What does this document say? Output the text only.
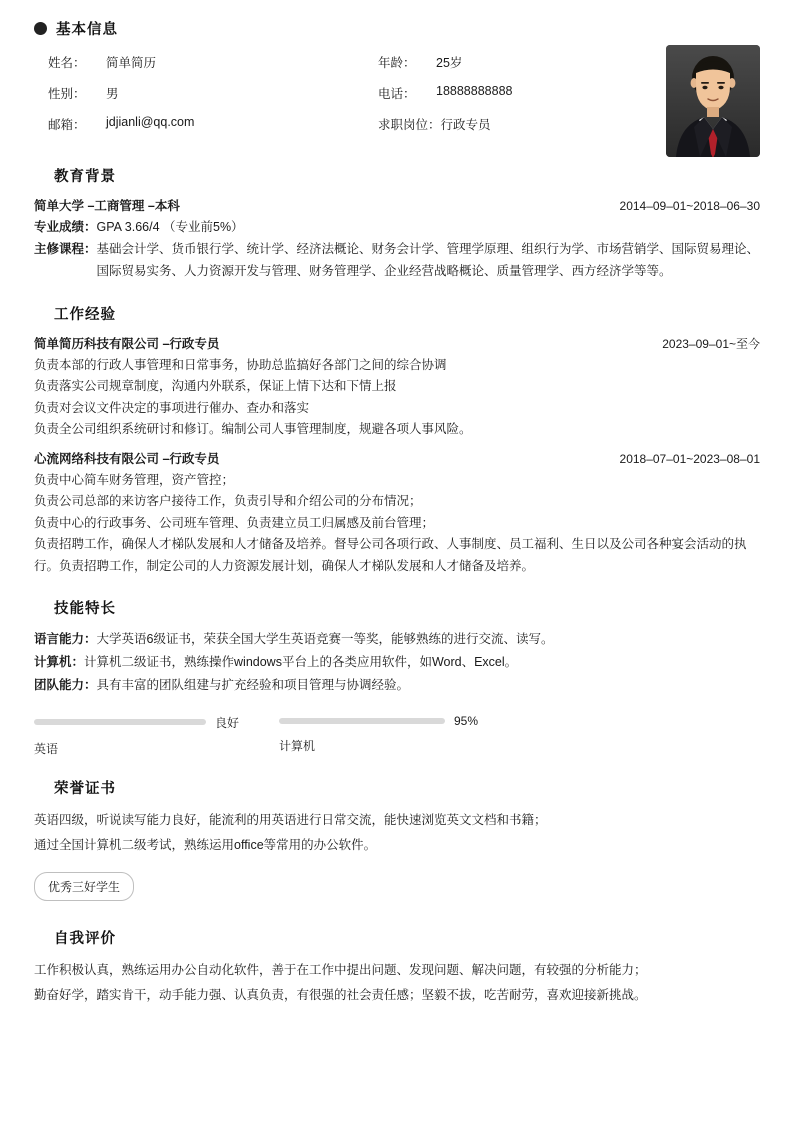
基本信息
姓名：	简单简历	年龄：	25岁
性别：	男	电话：	18888888888
邮箱：	jdjianli@qq.com	求职岗位： 行政专员
教育背景
简单大学 –工商管理 –本科	2014–09–01~2018–06–30
专业成绩： GPA 3.66/4 （专业前5%）
主修课程： 基础会计学、货币银行学、统计学、经济法概论、财务会计学、管理学原理、组织行为学、市场营销学、国际贸易理论、国际贸易实务、人力资源开发与管理、财务管理学、企业经营战略概论、质量管理学、西方经济学等等。
工作经验
简单简历科技有限公司 –行政专员	2023–09–01~至今
负责本部的行政人事管理和日常事务，协助总监搞好各部门之间的综合协调
负责落实公司规章制度，沟通内外联系，保证上情下达和下情上报
负责对会议文件决定的事项进行催办、查办和落实
负责全公司组织系统研讨和修订。编制公司人事管理制度，规避各项人事风险。
心流网络科技有限公司 –行政专员	2018–07–01~2023–08–01
负责中心简车财务管理，资产管控；
负责公司总部的来访客户接待工作，负责引导和介绍公司的分布情况；
负责中心的行政事务、公司班车管理、负责建立员工归属感及前台管理；
负责招聘工作，确保人才梯队发展和人才储备及培养。督导公司各项行政、人事制度、员工福利、生日以及公司各种宴会活动的执行。负责招聘工作，制定公司的人力资源发展计划，确保人才梯队发展和人才储备及培养。
技能特长
语言能力： 大学英语6级证书，荣获全国大学生英语竞赛一等奖，能够熟练的进行交流、读写。
计算机： 计算机二级证书，熟练操作windows平台上的各类应用软件，如Word、Excel。
团队能力： 具有丰富的团队组建与扩充经验和项目管理与协调经验。
良好
英语
95%
计算机
荣誉证书
英语四级，听说读写能力良好，能流利的用英语进行日常交流，能快速浏览英文文档和书籍；
通过全国计算机二级考试，熟练运用office等常用的办公软件。
优秀三好学生
自我评价
工作积极认真，熟练运用办公自动化软件，善于在工作中提出问题、发现问题、解决问题，有较强的分析能力；
勤奋好学，踏实肯干，动手能力强、认真负责，有很强的社会责任感；坚毅不拔，吃苦耐劳，喜欢迎接新挑战。
